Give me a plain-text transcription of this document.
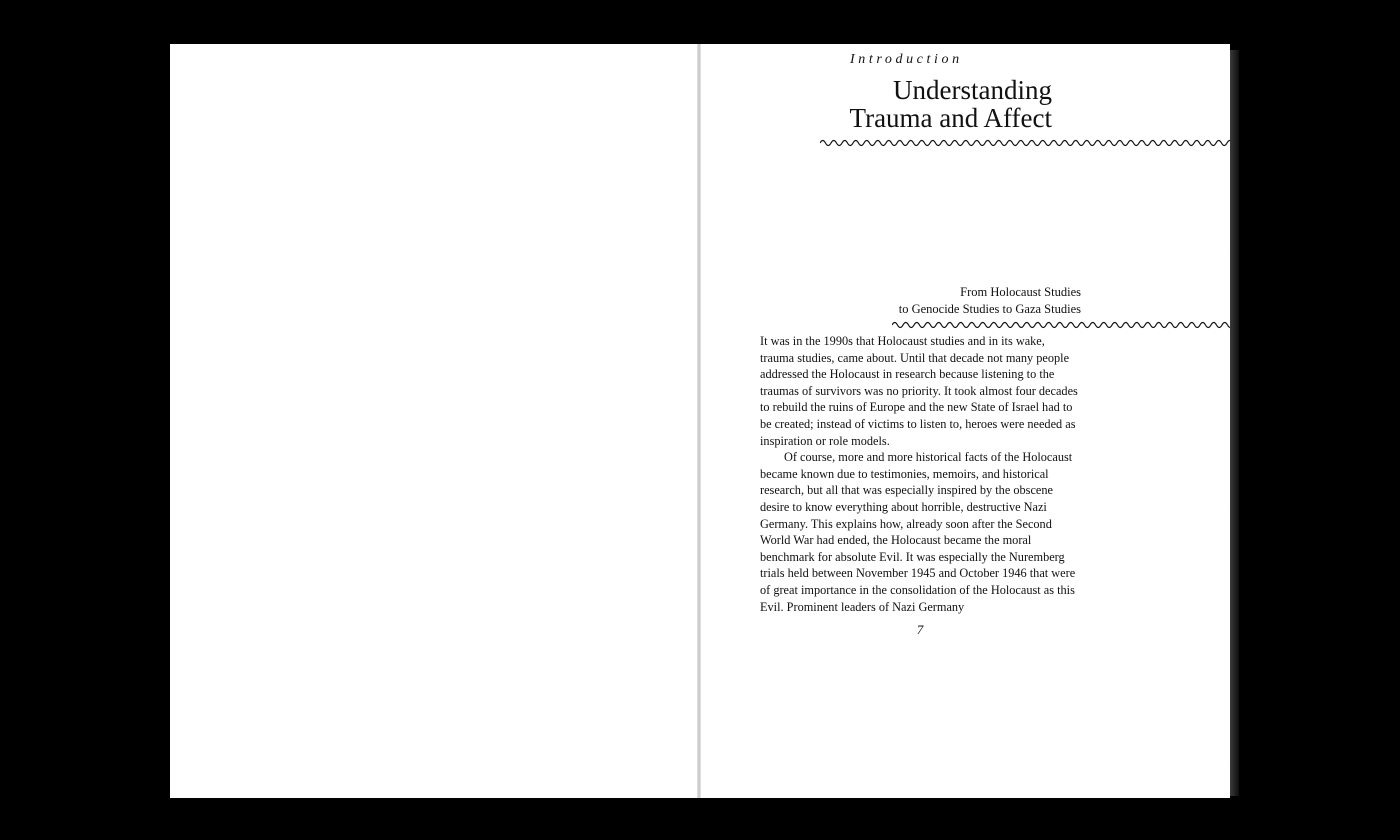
Introduction
Understanding
Trauma and Affect
From Holocaust Studies
to Genocide Studies to Gaza Studies

It was in the 1990s that Holocaust studies and in its wake, trauma studies, came about. Until that decade not many people addressed the Holocaust in research because listening to the traumas of survivors was no priority. It took almost four decades to rebuild the ruins of Europe and the new State of Israel had to be created; instead of victims to listen to, heroes were needed as inspiration or role models.

Of course, more and more historical facts of the Holocaust became known due to testimonies, memoirs, and historical research, but all that was especially inspired by the obscene desire to know everything about horrible, destructive Nazi Germany. This explains how, already soon after the Second World War had ended, the Holocaust became the moral benchmark for absolute Evil. It was especially the Nuremberg trials held between November 1945 and October 1946 that were of great importance in the consolidation of the Holocaust as this Evil. Prominent leaders of Nazi Germany

7
